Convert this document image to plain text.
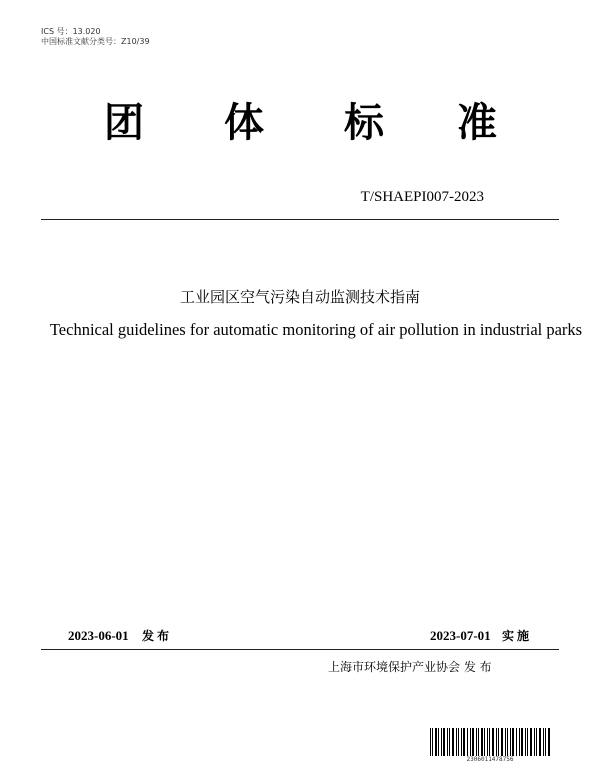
ICS 号：13.020
中国标准文献分类号：Z10/39
团 体 标 准
T/SHAEPI007-2023
工业园区空气污染自动监测技术指南
Technical guidelines for automatic monitoring of air pollution in industrial parks
2023-06-01 发布	2023-07-01 实施
上海市环境保护产业协会 发 布
2306011478756
